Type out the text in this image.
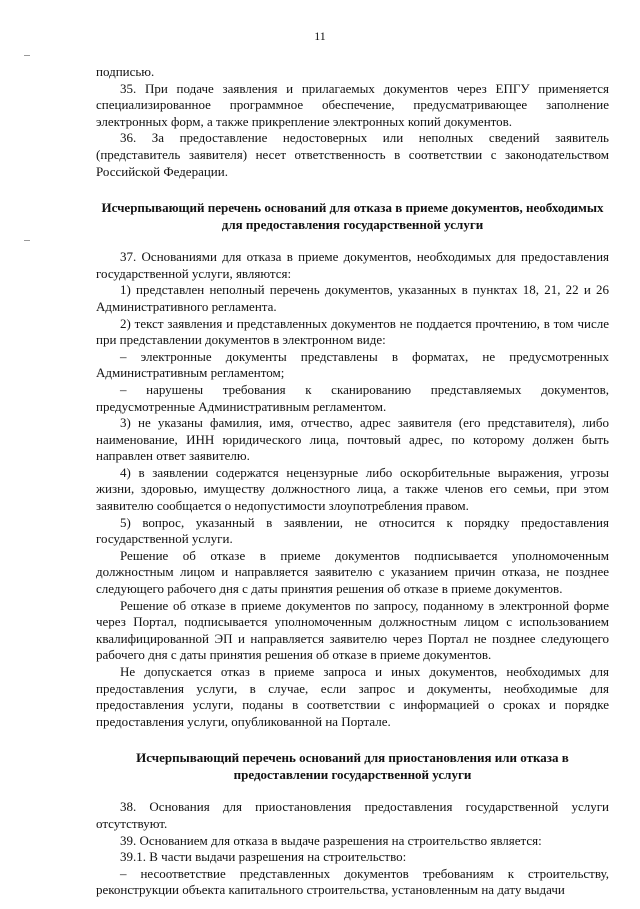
11

подписью.

35. При подаче заявления и прилагаемых документов через ЕПГУ применяется специализированное программное обеспечение, предусматривающее заполнение электронных форм, а также прикрепление электронных копий документов.

36. За предоставление недостоверных или неполных сведений заявитель (представитель заявителя) несет ответственность в соответствии с законодательством Российской Федерации.

Исчерпывающий перечень оснований для отказа в приеме документов, необходимых для предоставления государственной услуги

37. Основаниями для отказа в приеме документов, необходимых для предоставления государственной услуги, являются:

1) представлен неполный перечень документов, указанных в пунктах 18, 21, 22 и 26 Административного регламента.

2) текст заявления и представленных документов не поддается прочтению, в том числе при представлении документов в электронном виде:

– электронные документы представлены в форматах, не предусмотренных Административным регламентом;

– нарушены требования к сканированию представляемых документов, предусмотренные Административным регламентом.

3) не указаны фамилия, имя, отчество, адрес заявителя (его представителя), либо наименование, ИНН юридического лица, почтовый адрес, по которому должен быть направлен ответ заявителю.

4) в заявлении содержатся нецензурные либо оскорбительные выражения, угрозы жизни, здоровью, имуществу должностного лица, а также членов его семьи, при этом заявителю сообщается о недопустимости злоупотребления правом.

5) вопрос, указанный в заявлении, не относится к порядку предоставления государственной услуги.

Решение об отказе в приеме документов подписывается уполномоченным должностным лицом и направляется заявителю с указанием причин отказа, не позднее следующего рабочего дня с даты принятия решения об отказе в приеме документов.

Решение об отказе в приеме документов по запросу, поданному в электронной форме через Портал, подписывается уполномоченным должностным лицом с использованием квалифицированной ЭП и направляется заявителю через Портал не позднее следующего рабочего дня с даты принятия решения об отказе в приеме документов.

Не допускается отказ в приеме запроса и иных документов, необходимых для предоставления услуги, в случае, если запрос и документы, необходимые для предоставления услуги, поданы в соответствии с информацией о сроках и порядке предоставления услуги, опубликованной на Портале.

Исчерпывающий перечень оснований для приостановления или отказа в предоставлении государственной услуги

38. Основания для приостановления предоставления государственной услуги отсутствуют.

39. Основанием для отказа в выдаче разрешения на строительство является:

39.1. В части выдачи разрешения на строительство:

– несоответствие представленных документов требованиям к строительству, реконструкции объекта капитального строительства, установленным на дату выдачи
